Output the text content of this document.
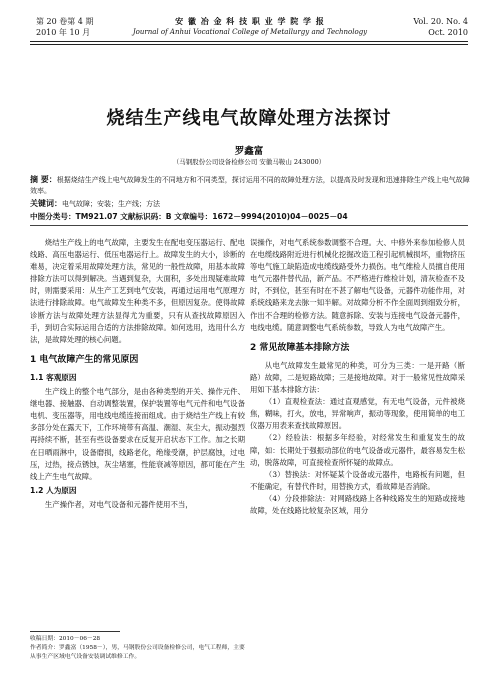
第 20 卷第 4 期
2010 年 10 月
安 徽 冶 金 科 技 职 业 学 院 学 报
Journal of Anhui Vocational College of Metallurgy and Technology
Vol. 20. No. 4
Oct. 2010
烧结生产线电气故障处理方法探讨
罗鑫富
（马钢股份公司设备检修公司 安徽马鞍山 243000）
摘 要：根据烧结生产线上电气故障发生的不同地方和不同类型，探讨运用不同的故障处理方法，以提高及时发现和迅速排除生产线上电气故障效率。
关键词：电气故障；安装；生产线；方法
中图分类号：TM921.07 文献标识码：B 文章编号：1672－9994(2010)04－0025－04

烧结生产线上的电气故障，主要发生在配电变压器运行、配电线路、高压电器运行、低压电器运行上。故障发生的大小，诊断的难易，决定着采用故障处理方法，常见的一般性故障，用基本故障排除方法可以得到解决。当遇到复杂，大面积，多处出现疑难故障时，则需要采用：从生产工艺到电气安装，再通过运用电气原理方法进行排除故障。电气故障发生种类不多，但原因复杂。使得故障诊断方法与故障处理方法显得尤为重要，只有从查找故障原因入手，到切合实际运用合适的方法排除故障。如何选用，选用什么方法，是故障处理的核心问题。

1 电气故障产生的常见原因
1.1 客观原因

生产线上的整个电气部分，是由各种类型的开关、操作元件、继电器、接触器、自动调整装置，保护装置等电气元件和电气设备电机、变压器等，用电线电缆连接而组成。由于烧结生产线上有较多部分处在露天下，工作环境带有高温、潮湿、灰尘大，振动强烈再持续不断，甚至有些设备要求在反复开启状态下工作。加之长期在日晒雨淋中，设备磨损，线路老化，绝缘受潮，护层腐蚀，过电压，过热，接点锈蚀，灰尘堵塞，性能衰减等原因，都可能在产生线上产生电气故障。

1.2 人为原因

生产操作者，对电气设备和元器件使用不当，

误操作，对电气系统参数调整不合理。大、中修外来参加检修人员在电缆线路附近进行机械化挖掘改造工程引起机械损坏，重物挤压等电气施工缺陷造成电缆线路受外力损伤。电气维检人员擅自使用电气元器件替代品，新产品。不严格进行维检计划，清灰检查不及时，不到位，甚至有时在不甚了解电气设备，元器件功能作用，对系统线路来龙去脉一知半解。对故障分析不作全面周到细致分析，作出不合理的检修方法。随意拆除、安装与连接电气设备元器件，电线电缆。随意调整电气系统参数，导致人为电气故障产生。

2 常见故障基本排除方法

从电气故障发生最常见的种类，可分为三类：一是开路（断路）故障，二是短路故障；三是接地故障。对于一般常见性故障采用如下基本排除方法：

（1）直观检查法：通过直观感觉，有无电气设备，元件被烧焦，糊味，打火，放电，异常响声，振动等现象，使用简单的电工仪器万用表来查找故障原因。

（2）经验法：根据多年经验，对经常发生和重复发生的故障，如：长期处于强振动部位的电气设备或元器件，最容易发生松动，脱落故障，可直接检查所怀疑的故障点。

（3）替换法：对怀疑某个设备或元器件，电路板有问题，但不能确定，有替代件时，用替换方式，看故障是否消除。

（4）分段排除法：对网路线路上各种线路发生的短路或接地故障，处在线路比较复杂区域，用分

收稿日期：2010－06－28
作者简介：罗鑫富（1958－），男，马钢股份公司设备检修公司，电气工程师，主要从事生产区域电气设备安装调试维修工作。
